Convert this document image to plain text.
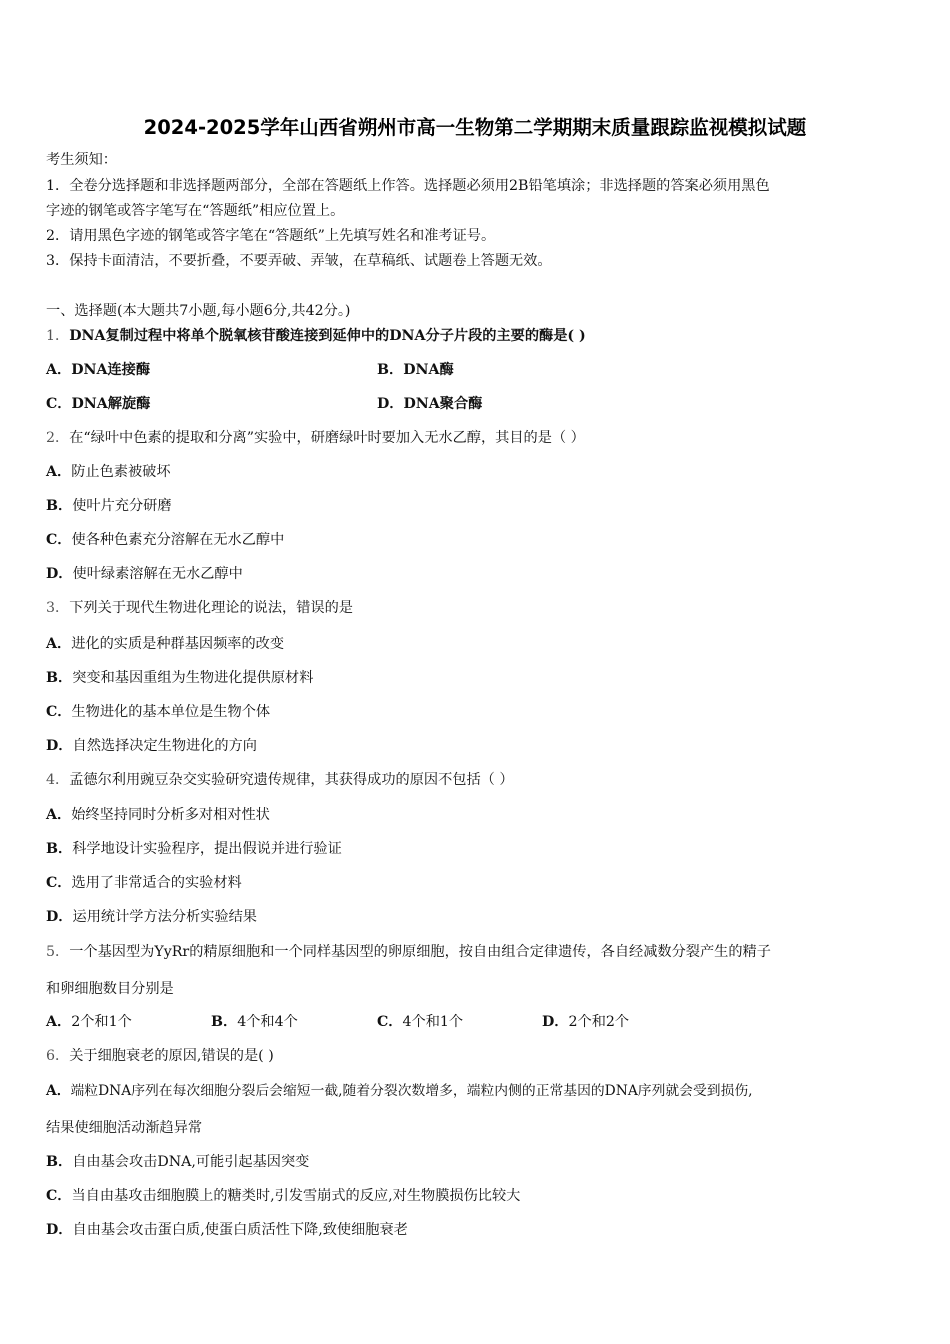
2024-2025学年山西省朔州市高一生物第二学期期末质量跟踪监视模拟试题
考生须知：
1．全卷分选择题和非选择题两部分，全部在答题纸上作答。选择题必须用2B铅笔填涂；非选择题的答案必须用黑色
字迹的钢笔或答字笔写在“答题纸”相应位置上。
2．请用黑色字迹的钢笔或答字笔在“答题纸”上先填写姓名和准考证号。
3．保持卡面清洁，不要折叠，不要弄破、弄皱，在草稿纸、试题卷上答题无效。
一、选择题(本大题共7小题,每小题6分,共42分。)
1．DNA复制过程中将单个脱氧核苷酸连接到延伸中的DNA分子片段的主要的酶是( )
A．DNA连接酶	B．DNA酶
C．DNA解旋酶	D．DNA聚合酶
2．在“绿叶中色素的提取和分离”实验中，研磨绿叶时要加入无水乙醇，其目的是（ ）
A．防止色素被破坏
B．使叶片充分研磨
C．使各种色素充分溶解在无水乙醇中
D．使叶绿素溶解在无水乙醇中
3．下列关于现代生物进化理论的说法，错误的是
A．进化的实质是种群基因频率的改变
B．突变和基因重组为生物进化提供原材料
C．生物进化的基本单位是生物个体
D．自然选择决定生物进化的方向
4．孟德尔利用豌豆杂交实验研究遗传规律，其获得成功的原因不包括（ ）
A．始终坚持同时分析多对相对性状
B．科学地设计实验程序，提出假说并进行验证
C．选用了非常适合的实验材料
D．运用统计学方法分析实验结果
5．一个基因型为YyRr的精原细胞和一个同样基因型的卵原细胞，按自由组合定律遗传，各自经减数分裂产生的精子
和卵细胞数目分别是
A．2个和1个	B．4个和4个	C．4个和1个	D．2个和2个
6．关于细胞衰老的原因,错误的是( )
A．端粒DNA序列在每次细胞分裂后会缩短一截,随着分裂次数增多，端粒内侧的正常基因的DNA序列就会受到损伤,
结果使细胞活动渐趋异常
B．自由基会攻击DNA,可能引起基因突变
C．当自由基攻击细胞膜上的糖类时,引发雪崩式的反应,对生物膜损伤比较大
D．自由基会攻击蛋白质,使蛋白质活性下降,致使细胞衰老
